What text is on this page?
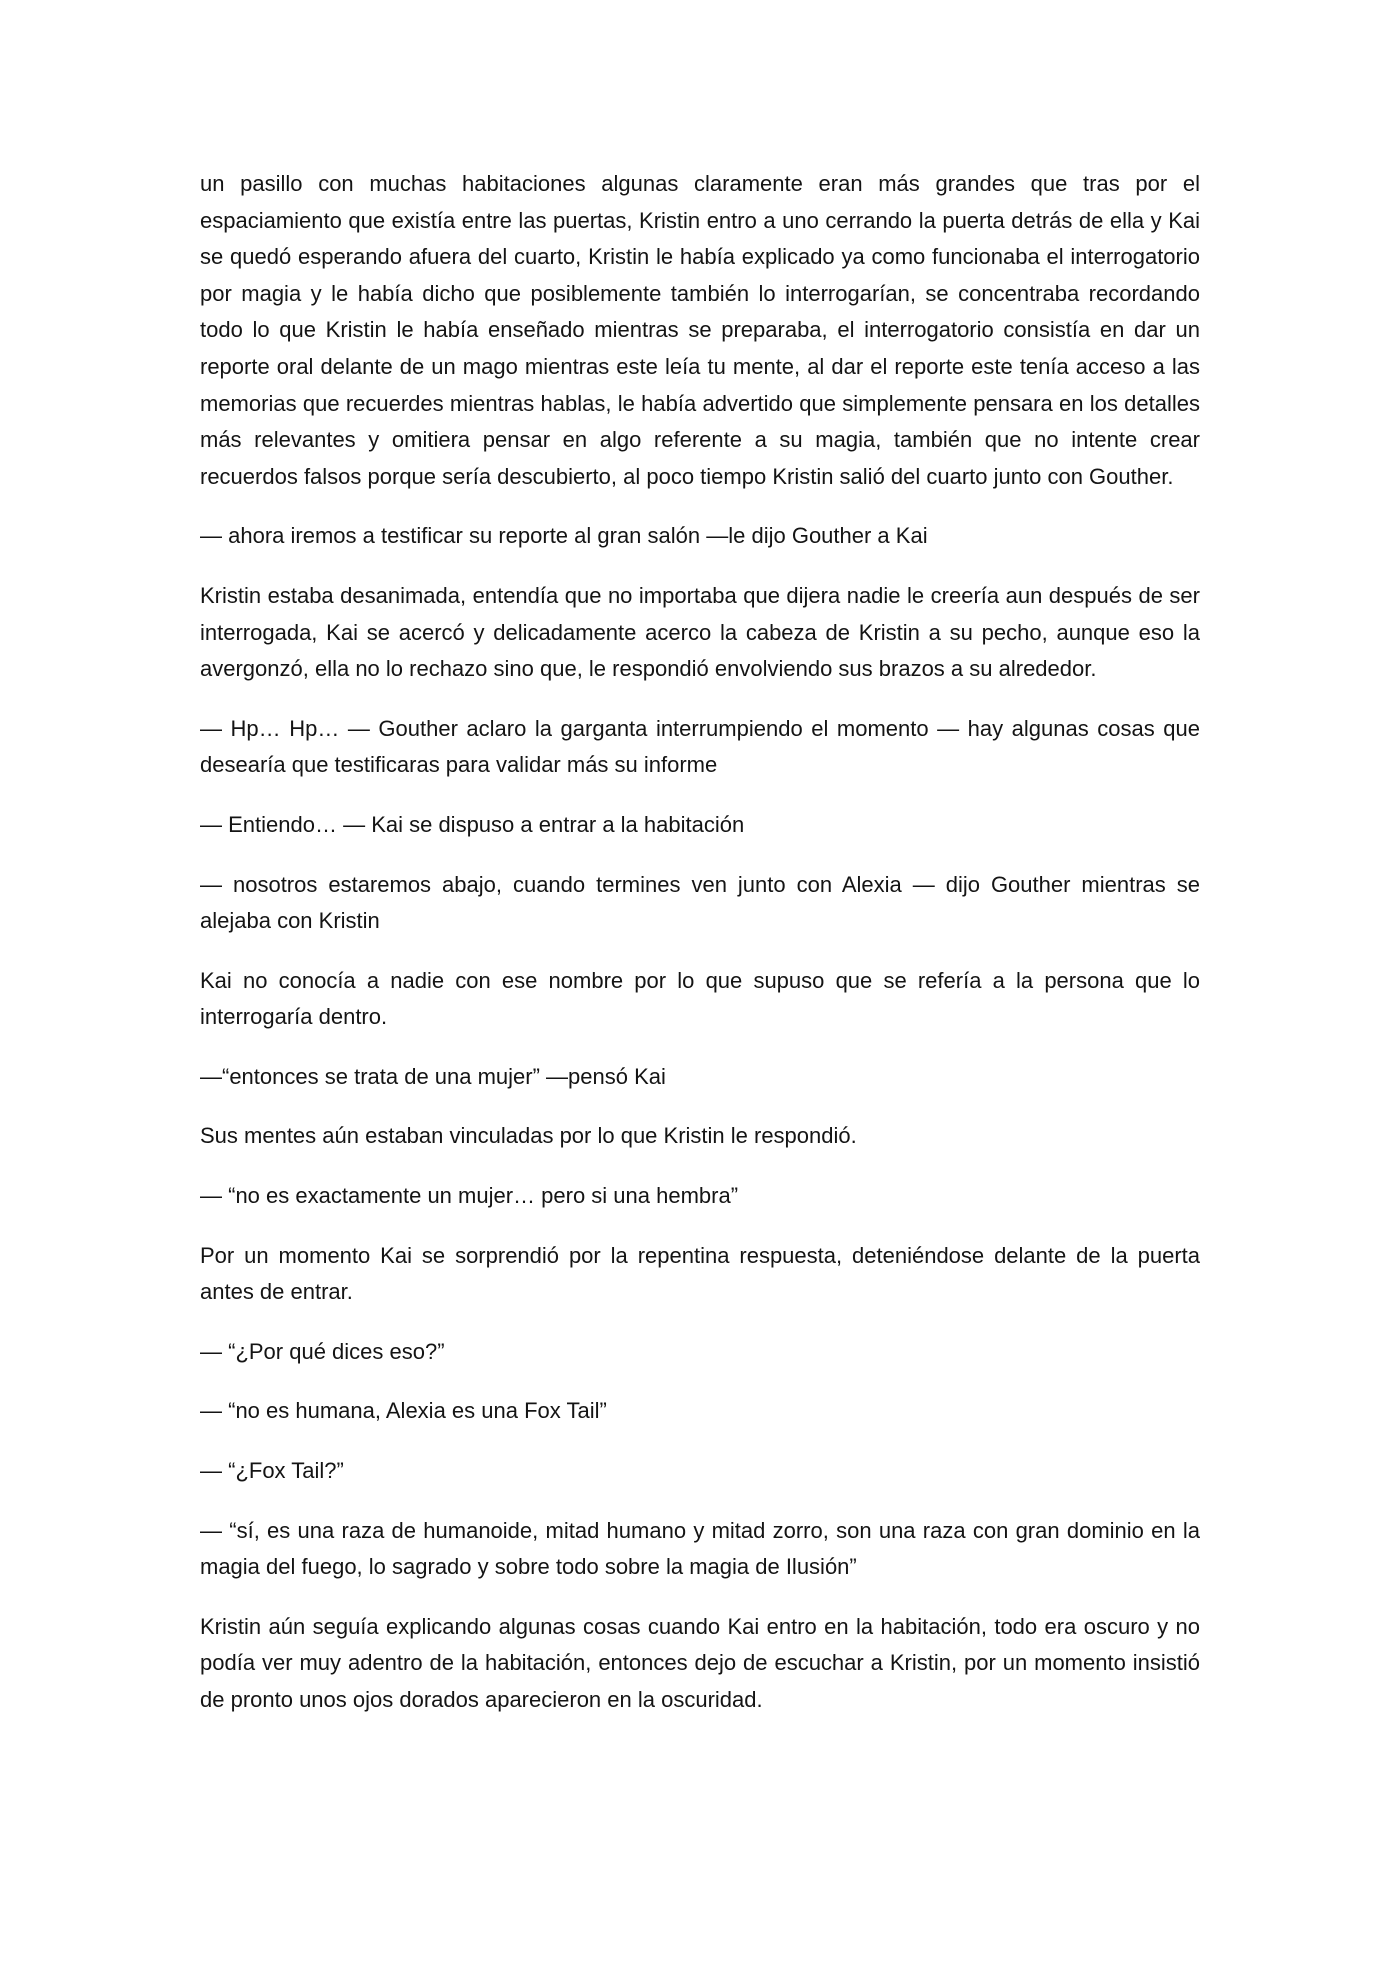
un pasillo con muchas habitaciones algunas claramente eran más grandes que tras por el espaciamiento que existía entre las puertas, Kristin entro a uno cerrando la puerta detrás de ella y Kai se quedó esperando afuera del cuarto, Kristin le había explicado ya como funcionaba el interrogatorio por magia y le había dicho que posiblemente también lo interrogarían, se concentraba recordando todo lo que Kristin le había enseñado mientras se preparaba, el interrogatorio consistía en dar un reporte oral delante de un mago mientras este leía tu mente, al dar el reporte este tenía acceso a las memorias que recuerdes mientras hablas, le había advertido que simplemente pensara en los detalles más relevantes y omitiera pensar en algo referente a su magia, también que no intente crear recuerdos falsos porque sería descubierto, al poco tiempo Kristin salió del cuarto junto con Gouther.

— ahora iremos a testificar su reporte al gran salón —le dijo Gouther a Kai

Kristin estaba desanimada, entendía que no importaba que dijera nadie le creería aun después de ser interrogada, Kai se acercó y delicadamente acerco la cabeza de Kristin a su pecho, aunque eso la avergonzó, ella no lo rechazo sino que, le respondió envolviendo sus brazos a su alrededor.

— Hp… Hp… — Gouther aclaro la garganta interrumpiendo el momento — hay algunas cosas que desearía que testificaras para validar más su informe

— Entiendo… — Kai se dispuso a entrar a la habitación

— nosotros estaremos abajo, cuando termines ven junto con Alexia — dijo Gouther mientras se alejaba con Kristin

Kai no conocía a nadie con ese nombre por lo que supuso que se refería a la persona que lo interrogaría dentro.

—“entonces se trata de una mujer” —pensó Kai

Sus mentes aún estaban vinculadas por lo que Kristin le respondió.

— “no es exactamente un mujer… pero si una hembra”

Por un momento Kai se sorprendió por la repentina respuesta, deteniéndose delante de la puerta antes de entrar.

— “¿Por qué dices eso?”

— “no es humana, Alexia es una Fox Tail”

— “¿Fox Tail?”

— “sí, es una raza de humanoide, mitad humano y mitad zorro, son una raza con gran dominio en la magia del fuego, lo sagrado y sobre todo sobre la magia de Ilusión”

Kristin aún seguía explicando algunas cosas cuando Kai entro en la habitación, todo era oscuro y no podía ver muy adentro de la habitación, entonces dejo de escuchar a Kristin, por un momento insistió de pronto unos ojos dorados aparecieron en la oscuridad.
